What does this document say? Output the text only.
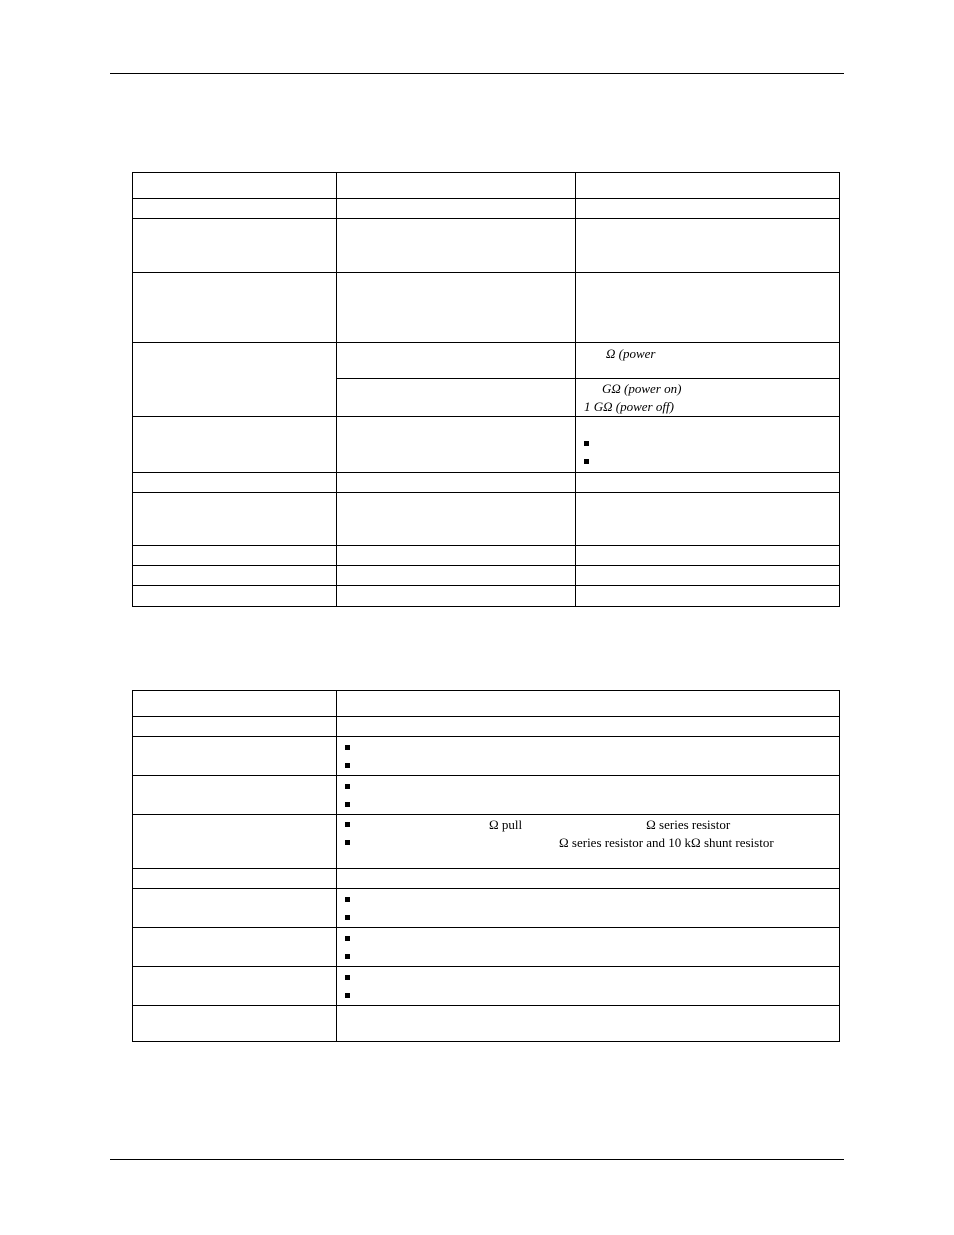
		Ω (power

		GΩ (power on)
1 GΩ (power off)

	Ω pull Ω series resistor
Ω series resistor and 10 kΩ shunt resistor
